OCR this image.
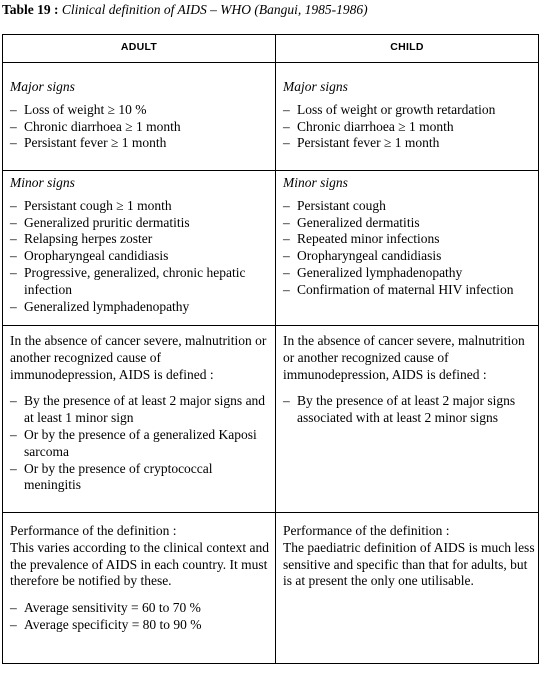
Table 19 : Clinical definition of AIDS – WHO (Bangui, 1985-1986)
ADULT	CHILD
Major signs
– Loss of weight ≥ 10 %
– Chronic diarrhoea ≥ 1 month
– Persistant fever ≥ 1 month
Major signs
– Loss of weight or growth retardation
– Chronic diarrhoea ≥ 1 month
– Persistant fever ≥ 1 month
Minor signs
– Persistant cough ≥ 1 month
– Generalized pruritic dermatitis
– Relapsing herpes zoster
– Oropharyngeal candidiasis
– Progressive, generalized, chronic hepatic infection
– Generalized lymphadenopathy
Minor signs
– Persistant cough
– Generalized dermatitis
– Repeated minor infections
– Oropharyngeal candidiasis
– Generalized lymphadenopathy
– Confirmation of maternal HIV infection

In the absence of cancer severe, malnutrition or another recognized cause of immunodepression, AIDS is defined :

– By the presence of at least 2 major signs and at least 1 minor sign
– Or by the presence of a generalized Kaposi sarcoma
– Or by the presence of cryptococcal meningitis

In the absence of cancer severe, malnutrition or another recognized cause of immunodepression, AIDS is defined :

– By the presence of at least 2 major signs associated with at least 2 minor signs

Performance of the definition :

This varies according to the clinical context and the prevalence of AIDS in each country. It must therefore be notified by these.

– Average sensitivity = 60 to 70 %
– Average specificity = 80 to 90 %

Performance of the definition :

The paediatric definition of AIDS is much less sensitive and specific than that for adults, but is at present the only one utilisable.
